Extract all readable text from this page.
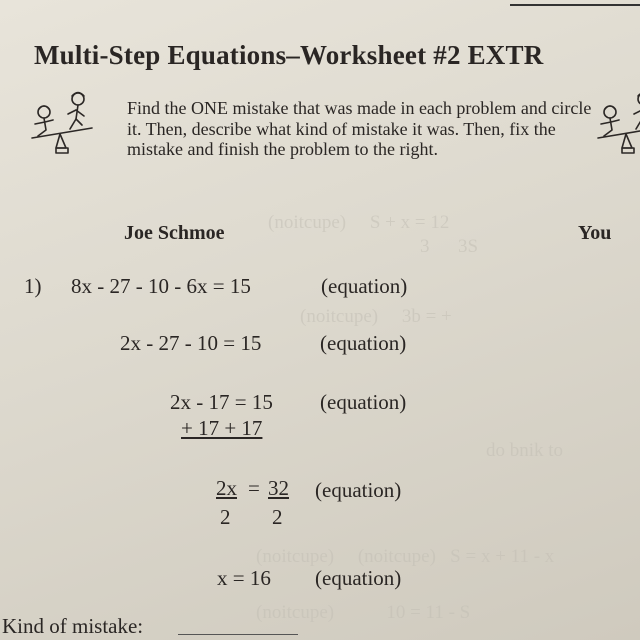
(noitcupe)     S + x = 12
3      3S
(noitcupe)     3b = +
do bnik to
(noitcupe)     (noitcupe)   S = x + 11 - x
(noitcupe)           10 = 11 - S
Multi-Step Equations–Worksheet #2 EXTR
Find the ONE mistake that was made in each problem and circle it. Then, describe what kind of mistake it was. Then, fix the mistake and finish the problem to the right.
Joe Schmoe	You
1) 8x - 27 - 10 - 6x = 15	(equation)
2x - 27 - 10 = 15	(equation)
2x - 17 = 15 (equation)
+ 17 + 17
2x = 32
2 2
(equation)
x = 16 (equation)
Kind of mistake:
